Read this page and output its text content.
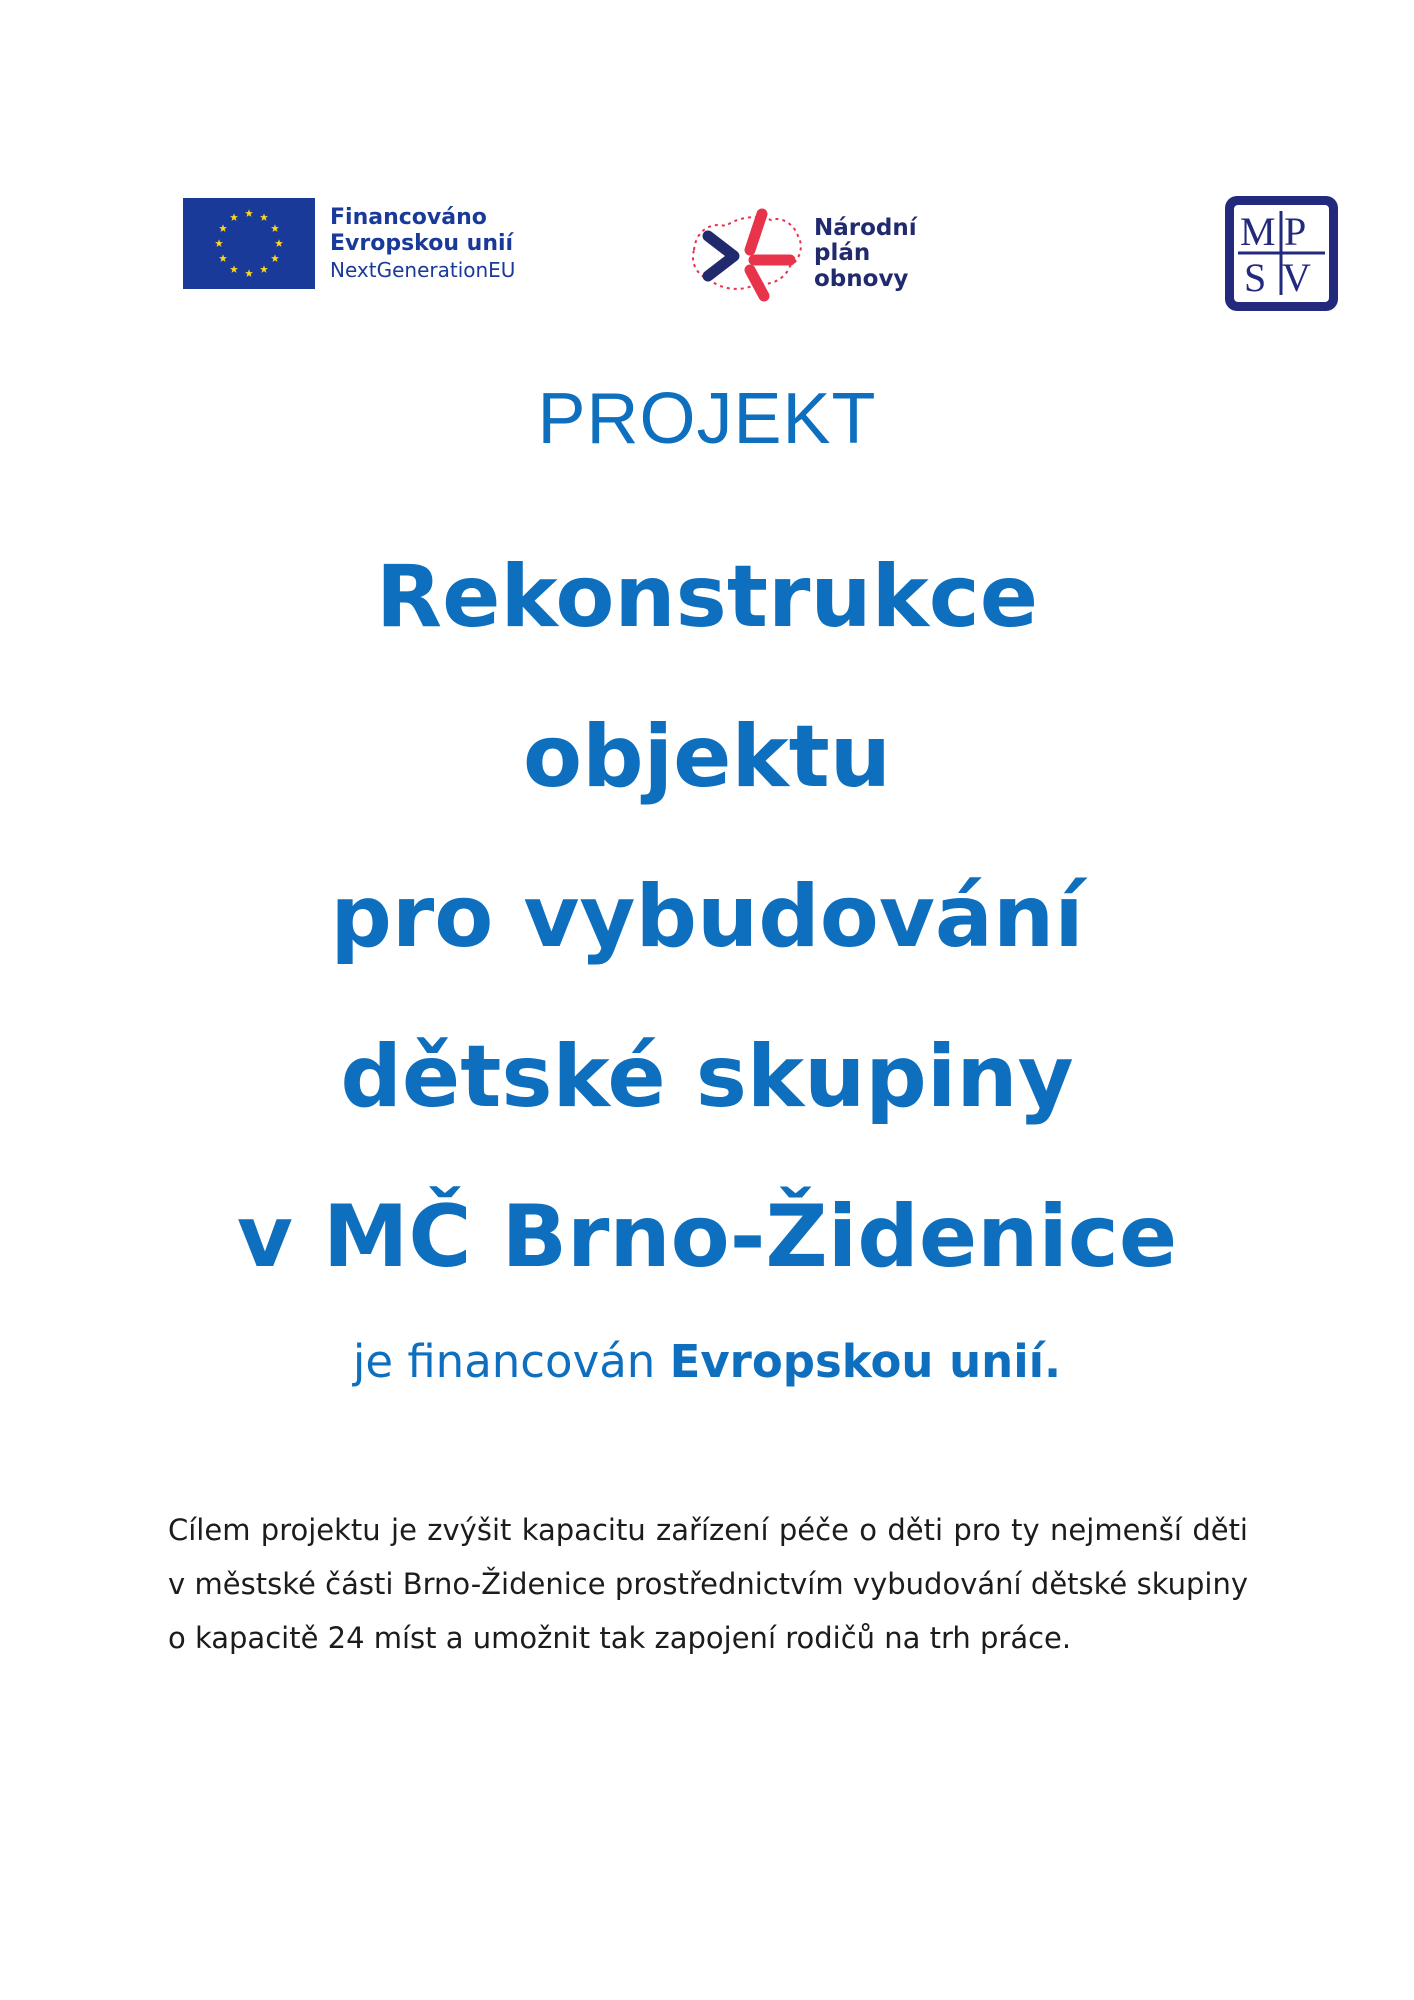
Financováno
Evropskou unií
NextGenerationEU
Národní
plán
obnovy
M P
S V
PROJEKT
Rekonstrukce
objektu
pro vybudování
dětské skupiny
v MČ Brno-Židenice
je financován Evropskou unií.
Cílem projektu je zvýšit kapacitu zařízení péče o děti pro ty nejmenší děti v městské části Brno-Židenice prostřednictvím vybudování dětské skupiny o kapacitě 24 míst a umožnit tak zapojení rodičů na trh práce.
